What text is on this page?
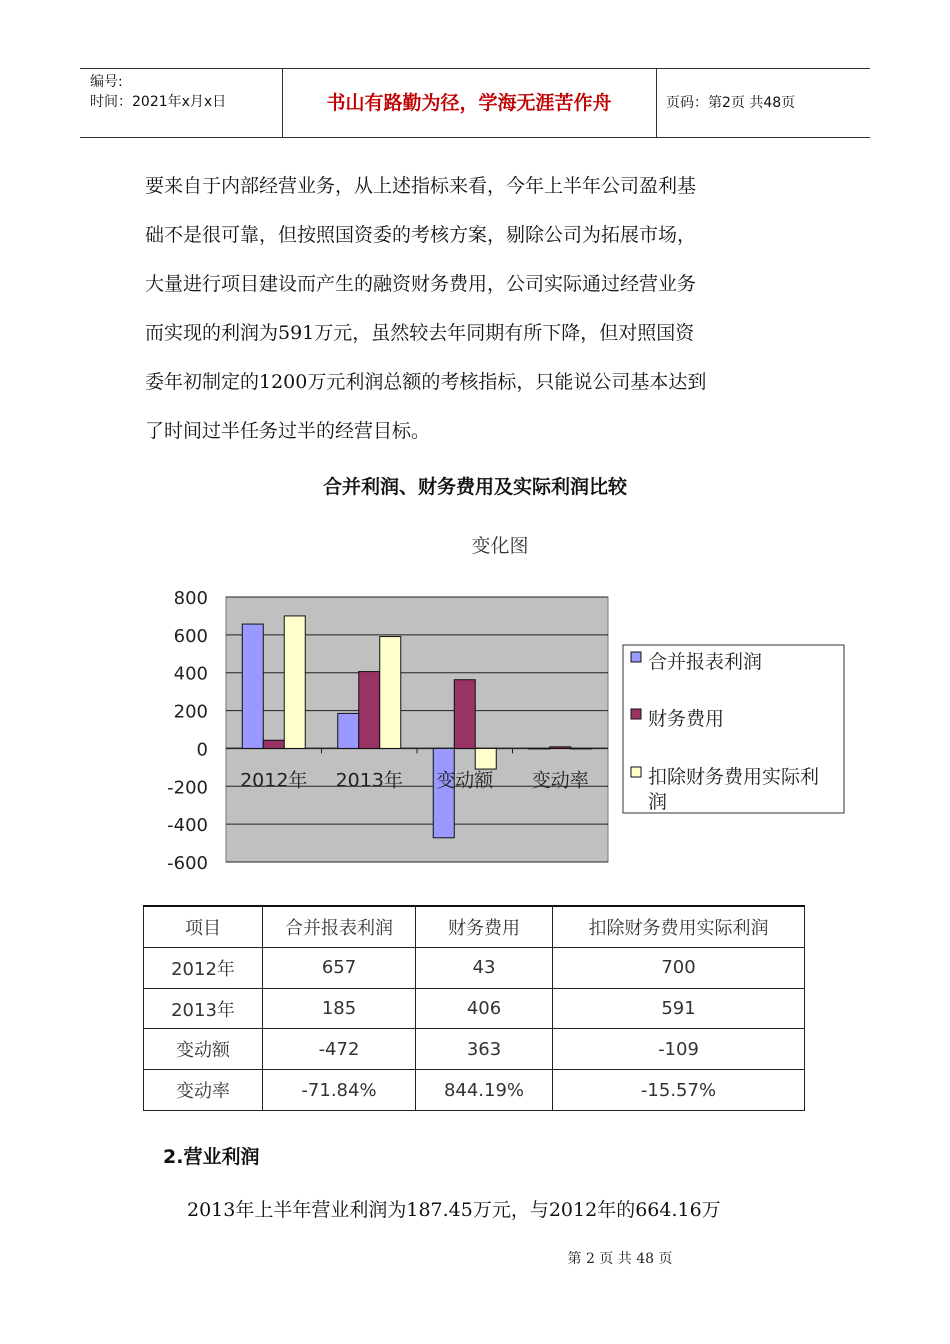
编号:
时间：2021年x月x日	书山有路勤为径，学海无涯苦作舟	页码：第2页 共48页
要来自于内部经营业务，从上述指标来看，今年上半年公司盈利基
础不是很可靠，但按照国资委的考核方案，剔除公司为拓展市场，
大量进行项目建设而产生的融资财务费用，公司实际通过经营业务
而实现的利润为591万元，虽然较去年同期有所下降，但对照国资
委年初制定的1200万元利润总额的考核指标，只能说公司基本达到
了时间过半任务过半的经营目标。
合并利润、财务费用及实际利润比较
变化图
800
600
400
200
0
-200
-400
-600
2012年 2013年 变动额 变动率
合并报表利润
财务费用
扣除财务费用实际利
润
项目	合并报表利润	财务费用	扣除财务费用实际利润
2012年	657	43	700
2013年	185	406	591
变动额	-472	363	-109
变动率	-71.84%	844.19%	-15.57%
2.营业利润
2013年上半年营业利润为187.45万元，与2012年的664.16万
第 2 页 共 48 页
